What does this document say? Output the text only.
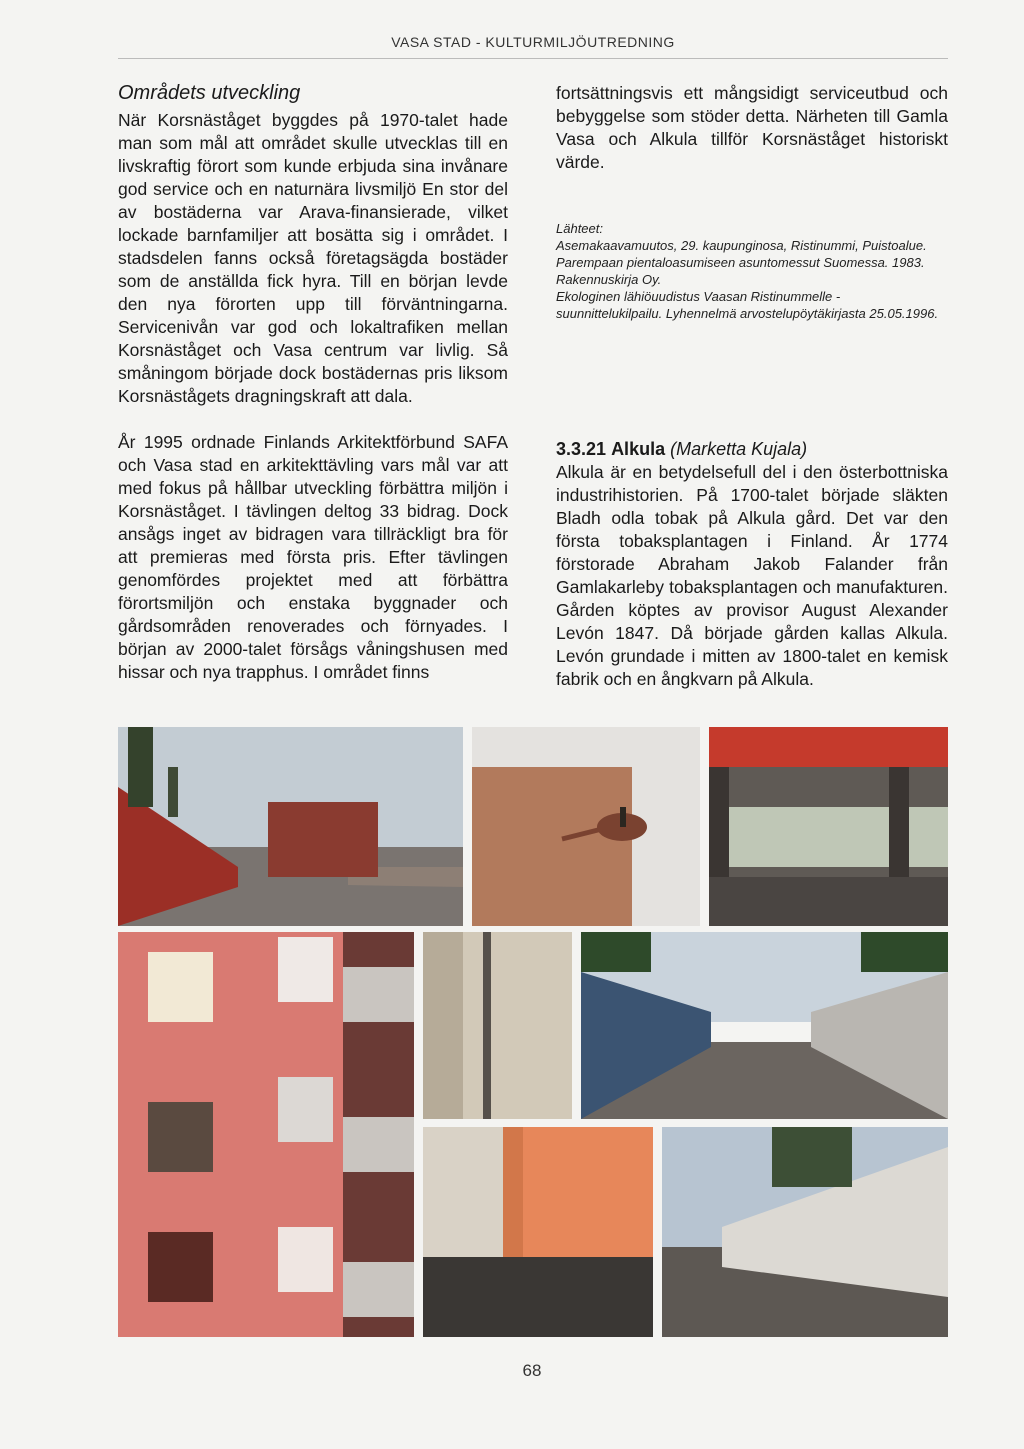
VASA STAD - KULTURMILJÖUTREDNING
Områdets utveckling

När Korsnäståget byggdes på 1970-talet hade man som mål att området skulle utvecklas till en livskraftig förort som kunde erbjuda sina invånare god service och en naturnära livsmiljö En stor del av bostäderna var Arava-finansierade, vilket lockade barnfamiljer att bosätta sig i området. I stadsdelen fanns också företagsägda bostäder som de anställda fick hyra. Till en början levde den nya förorten upp till förväntningarna. Servicenivån var god och lokaltrafiken mellan Korsnäståget och Vasa centrum var livlig. Så småningom började dock bostädernas pris liksom Korsnästågets dragningskraft att dala.

År 1995 ordnade Finlands Arkitektförbund SAFA och Vasa stad en arkitekttävling vars mål var att med fokus på hållbar utveckling förbättra miljön i Korsnäståget. I tävlingen deltog 33 bidrag. Dock ansågs inget av bidragen vara tillräckligt bra för att premieras med första pris. Efter tävlingen genomfördes projektet med att förbättra förortsmiljön och enstaka byggnader och gårdsområden renoverades och förnyades. I början av 2000-talet försågs våningshusen med hissar och nya trapphus. I området finns

fortsättningsvis ett mångsidigt serviceutbud och bebyggelse som stöder detta. Närheten till Gamla Vasa och Alkula tillför Korsnäståget historiskt värde.

Lähteet:
Asemakaavamuutos, 29. kaupunginosa, Ristinummi, Puistoalue.
Parempaan pientaloasumiseen asuntomessut Suomessa. 1983. Rakennuskirja Oy.
Ekologinen lähiöuudistus Vaasan Ristinummelle - suunnittelukilpailu. Lyhennelmä arvostelupöytäkirjasta 25.05.1996.
3.3.21 Alkula (Marketta Kujala)

Alkula är en betydelsefull del i den österbottniska industrihistorien. På 1700-talet började släkten Bladh odla tobak på Alkula gård. Det var den första tobaksplantagen i Finland. År 1774 förstorade Abraham Jakob Falander från Gamlakarleby tobaksplantagen och manufakturen. Gården köptes av provisor August Alexander Levón 1847. Då började gården kallas Alkula. Levón grundade i mitten av 1800-talet en kemisk fabrik och en ångkvarn på Alkula.

68
